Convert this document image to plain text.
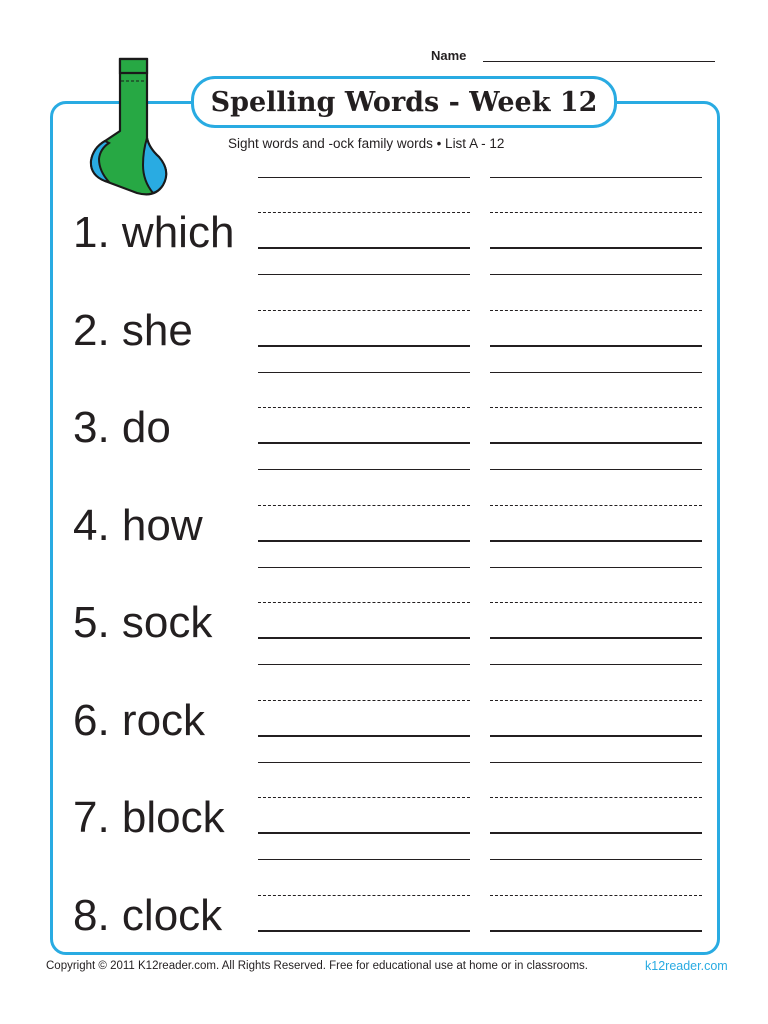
Name
Spelling Words - Week 12
Sight words and -ock family words • List A - 12
1. which
2. she
3. do
4. how
5. sock
6. rock
7. block
8. clock
Copyright © 2011 K12reader.com. All Rights Reserved. Free for educational use at home or in classrooms.	k12reader.com
